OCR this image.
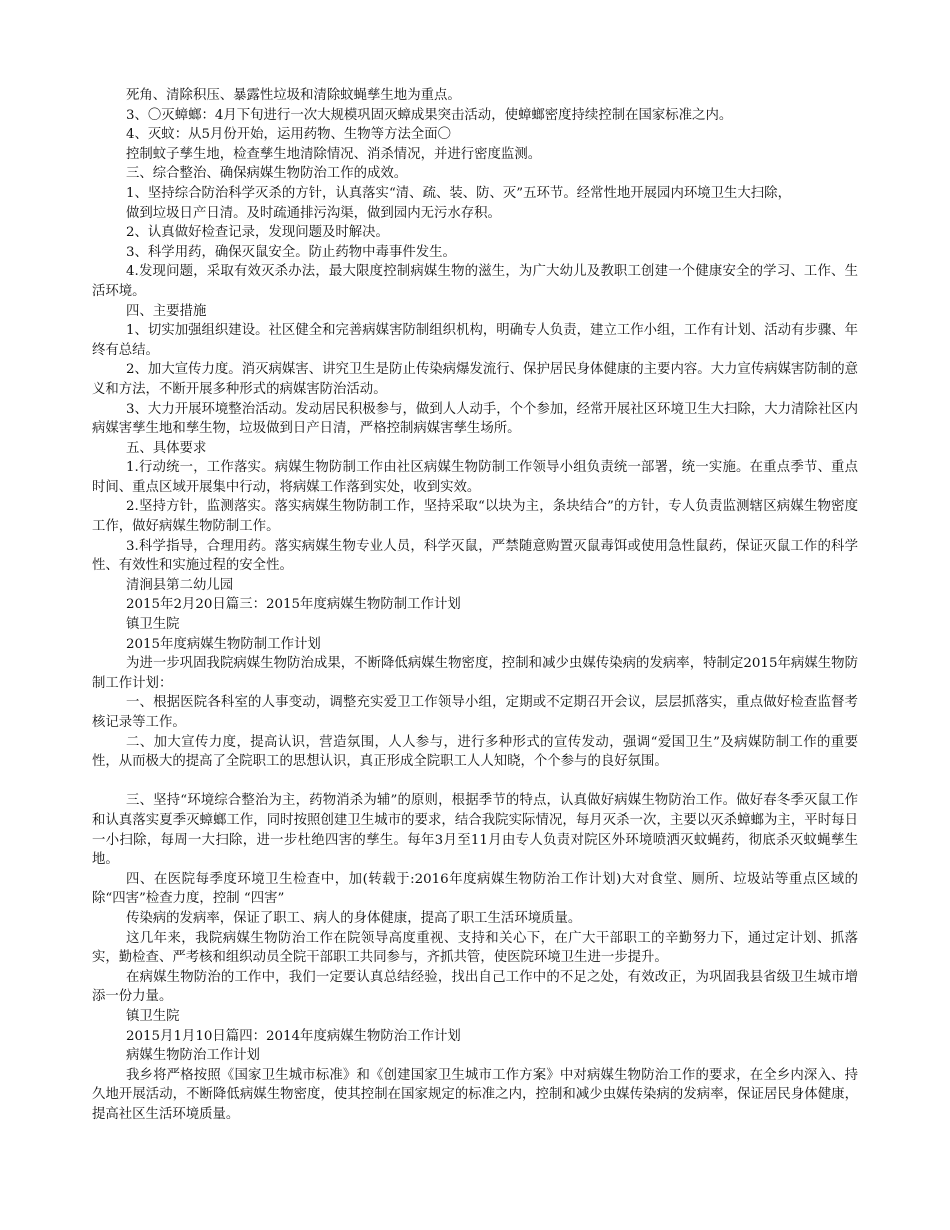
死角、清除积压、暴露性垃圾和清除蚊蝇孳生地为重点。

3、〇灭蟑螂：4月下旬进行一次大规模巩固灭蟑成果突击活动，使蟑螂密度持续控制在国家标准之内。

4、灭蚊：从5月份开始，运用药物、生物等方法全面〇

控制蚊子孳生地，检查孳生地清除情况、消杀情况，并进行密度监测。

三、综合整治、确保病媒生物防治工作的成效。

1、坚持综合防治科学灭杀的方针，认真落实“清、疏、装、防、灭”五环节。经常性地开展园内环境卫生大扫除，

做到垃圾日产日清。及时疏通排污沟渠，做到园内无污水存积。

2、认真做好检查记录，发现问题及时解决。

3、科学用药，确保灭鼠安全。防止药物中毒事件发生。

4.发现问题，采取有效灭杀办法，最大限度控制病媒生物的滋生，为广大幼儿及教职工创建一个健康安全的学习、工作、生活环境。

四、主要措施

1、切实加强组织建设。社区健全和完善病媒害防制组织机构，明确专人负责，建立工作小组，工作有计划、活动有步骤、年终有总结。

2、加大宣传力度。消灭病媒害、讲究卫生是防止传染病爆发流行、保护居民身体健康的主要内容。大力宣传病媒害防制的意义和方法，不断开展多种形式的病媒害防治活动。

3、大力开展环境整治活动。发动居民积极参与，做到人人动手，个个参加，经常开展社区环境卫生大扫除，大力清除社区内病媒害孳生地和孳生物，垃圾做到日产日清，严格控制病媒害孳生场所。

五、具体要求

1.行动统一，工作落实。病媒生物防制工作由社区病媒生物防制工作领导小组负责统一部署，统一实施。在重点季节、重点时间、重点区域开展集中行动，将病媒工作落到实处，收到实效。

2.坚持方针，监测落实。落实病媒生物防制工作，坚持采取“以块为主，条块结合”的方针，专人负责监测辖区病媒生物密度工作，做好病媒生物防制工作。

3.科学指导，合理用药。落实病媒生物专业人员，科学灭鼠，严禁随意购置灭鼠毒饵或使用急性鼠药，保证灭鼠工作的科学性、有效性和实施过程的安全性。

清涧县第二幼儿园

2015年2月20日篇三：2015年度病媒生物防制工作计划

镇卫生院

2015年度病媒生物防制工作计划

为进一步巩固我院病媒生物防治成果，不断降低病媒生物密度，控制和减少虫媒传染病的发病率，特制定2015年病媒生物防制工作计划：

一、根据医院各科室的人事变动，调整充实爱卫工作领导小组，定期或不定期召开会议，层层抓落实，重点做好检查监督考核记录等工作。

二、加大宣传力度，提高认识，营造氛围，人人参与，进行多种形式的宣传发动，强调“爱国卫生”及病媒防制工作的重要性，从而极大的提高了全院职工的思想认识，真正形成全院职工人人知晓，个个参与的良好氛围。

三、坚持“环境综合整治为主，药物消杀为辅”的原则，根据季节的特点，认真做好病媒生物防治工作。做好春冬季灭鼠工作和认真落实夏季灭蟑螂工作，同时按照创建卫生城市的要求，结合我院实际情况，每月灭杀一次，主要以灭杀蟑螂为主，平时每日一小扫除，每周一大扫除，进一步杜绝四害的孳生。每年3月至11月由专人负责对院区外环境喷洒灭蚊蝇药，彻底杀灭蚊蝇孳生地。

四、在医院每季度环境卫生检查中，加(转载于:2016年度病媒生物防治工作计划)大对食堂、厕所、垃圾站等重点区域的除“四害”检查力度，控制 “四害”

传染病的发病率，保证了职工、病人的身体健康，提高了职工生活环境质量。

这几年来，我院病媒生物防治工作在院领导高度重视、支持和关心下，在广大干部职工的辛勤努力下，通过定计划、抓落实，勤检查、严考核和组织动员全院干部职工共同参与，齐抓共管，使医院环境卫生进一步提升。

在病媒生物防治的工作中，我们一定要认真总结经验，找出自己工作中的不足之处，有效改正，为巩固我县省级卫生城市增添一份力量。

镇卫生院

2015月1月10日篇四：2014年度病媒生物防治工作计划

病媒生物防治工作计划

我乡将严格按照《国家卫生城市标准》和《创建国家卫生城市工作方案》中对病媒生物防治工作的要求，在全乡内深入、持久地开展活动，不断降低病媒生物密度，使其控制在国家规定的标准之内，控制和减少虫媒传染病的发病率，保证居民身体健康，提高社区生活环境质量。
